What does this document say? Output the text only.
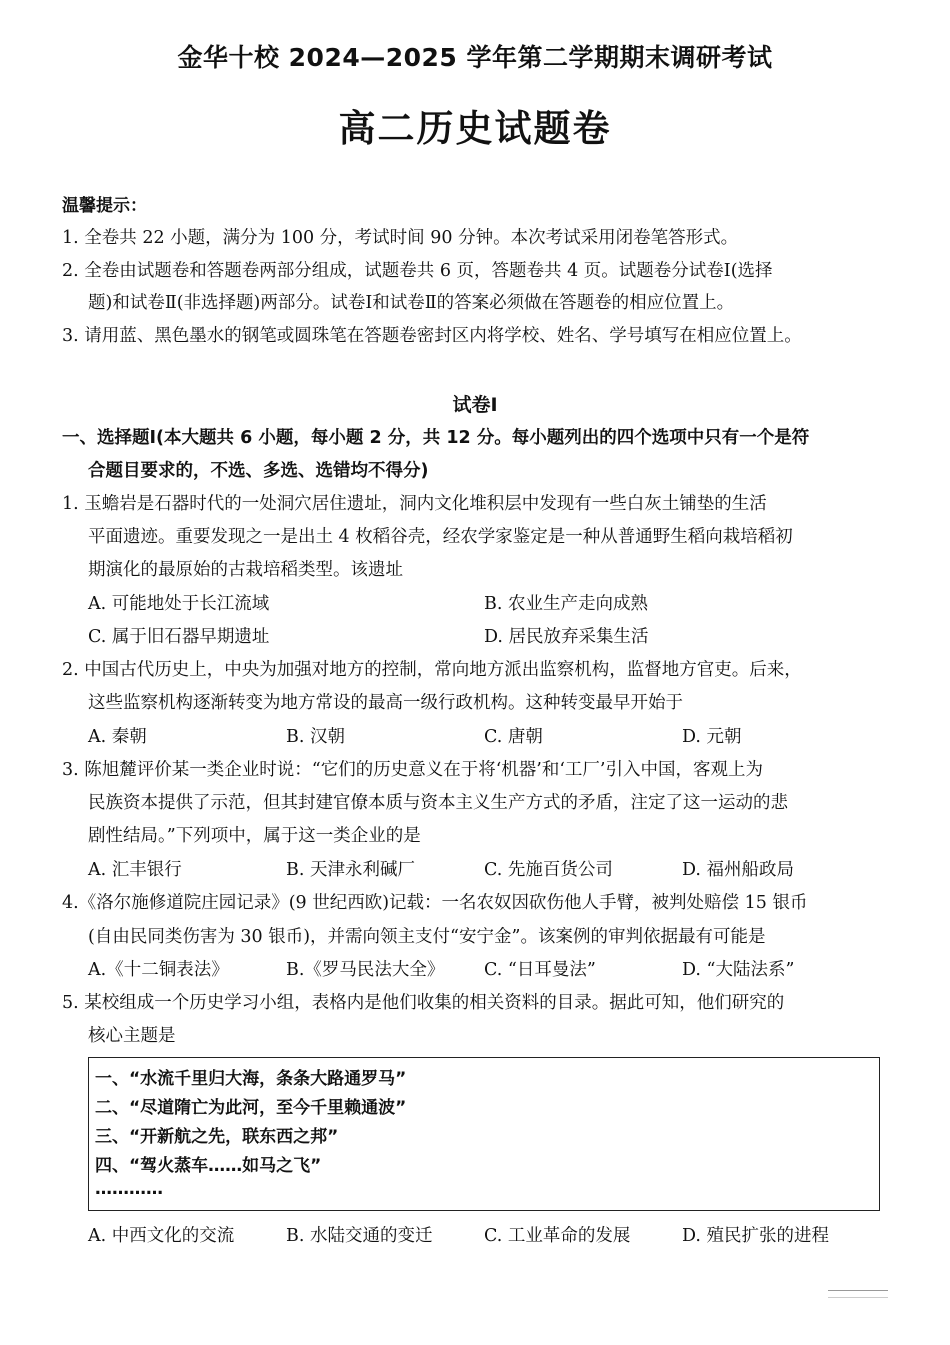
金华十校 2024—2025 学年第二学期期末调研考试
高二历史试题卷
温馨提示：
1. 全卷共 22 小题，满分为 100 分，考试时间 90 分钟。本次考试采用闭卷笔答形式。
2. 全卷由试题卷和答题卷两部分组成，试题卷共 6 页，答题卷共 4 页。试题卷分试卷Ⅰ(选择
题)和试卷Ⅱ(非选择题)两部分。试卷Ⅰ和试卷Ⅱ的答案必须做在答题卷的相应位置上。
3. 请用蓝、黑色墨水的钢笔或圆珠笔在答题卷密封区内将学校、姓名、学号填写在相应位置上。
试卷Ⅰ
一、选择题Ⅰ(本大题共 6 小题，每小题 2 分，共 12 分。每小题列出的四个选项中只有一个是符
合题目要求的，不选、多选、选错均不得分)
1. 玉蟾岩是石器时代的一处洞穴居住遗址，洞内文化堆积层中发现有一些白灰土铺垫的生活
平面遗迹。重要发现之一是出土 4 枚稻谷壳，经农学家鉴定是一种从普通野生稻向栽培稻初
期演化的最原始的古栽培稻类型。该遗址
A. 可能地处于长江流域	B. 农业生产走向成熟
C. 属于旧石器早期遗址	D. 居民放弃采集生活
2. 中国古代历史上，中央为加强对地方的控制，常向地方派出监察机构，监督地方官吏。后来，
这些监察机构逐渐转变为地方常设的最高一级行政机构。这种转变最早开始于
A. 秦朝	B. 汉朝	C. 唐朝	D. 元朝
3. 陈旭麓评价某一类企业时说：“它们的历史意义在于将‘机器’和‘工厂’引入中国，客观上为
民族资本提供了示范，但其封建官僚本质与资本主义生产方式的矛盾，注定了这一运动的悲
剧性结局。”下列项中，属于这一类企业的是
A. 汇丰银行	B. 天津永利碱厂	C. 先施百货公司	D. 福州船政局
4.《洛尔施修道院庄园记录》(9 世纪西欧)记载：一名农奴因砍伤他人手臂，被判处赔偿 15 银币
(自由民同类伤害为 30 银币)，并需向领主支付“安宁金”。该案例的审判依据最有可能是
A.《十二铜表法》	B.《罗马民法大全》 C. “日耳曼法”	D. “大陆法系”
5. 某校组成一个历史学习小组，表格内是他们收集的相关资料的目录。据此可知，他们研究的
核心主题是
一、“水流千里归大海，条条大路通罗马”
二、“尽道隋亡为此河，至今千里赖通波”
三、“开新航之先，联东西之邦”
四、“驾火蒸车……如马之飞”
…………
A. 中西文化的交流	B. 水陆交通的变迁	C. 工业革命的发展	D. 殖民扩张的进程
